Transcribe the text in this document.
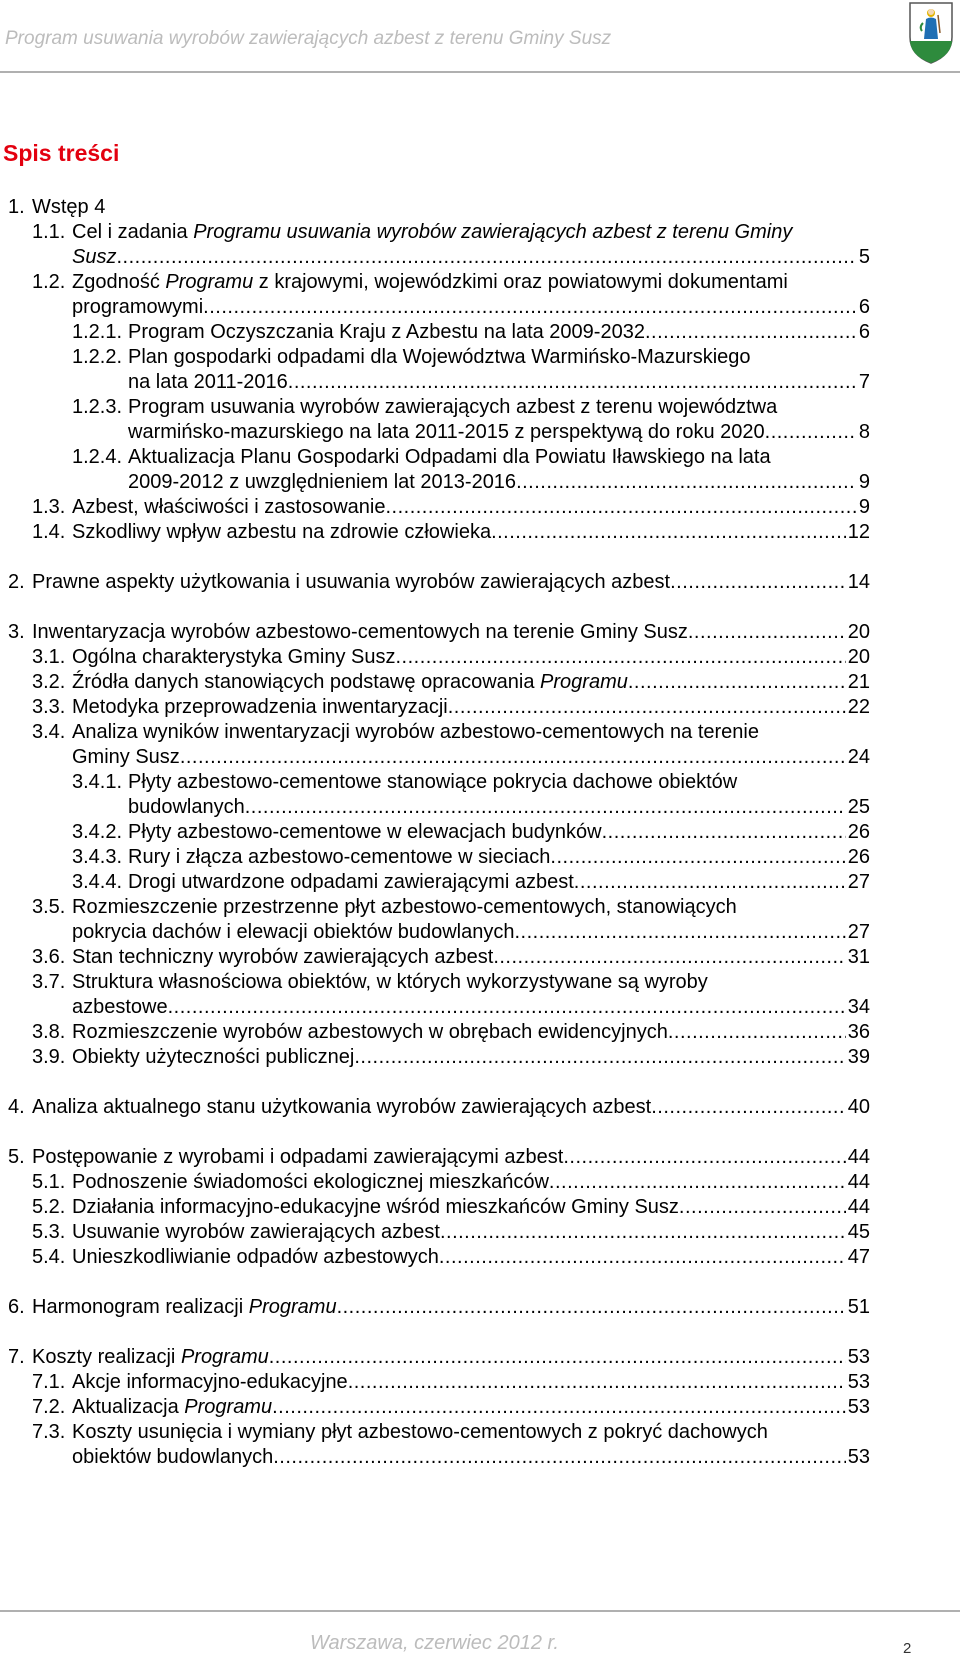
Program usuwania wyrobów zawierających azbest z terenu Gminy Susz
Spis treści
1. Wstęp 4
1.1. Cel i zadania Programu usuwania wyrobów zawierających azbest z terenu Gminy
Susz .....	5
1.2. Zgodność Programu z krajowymi, wojewódzkimi oraz powiatowymi dokumentami
programowymi .....	6
1.2.1. Program Oczyszczania Kraju z Azbestu na lata 2009-2032 .....	6
1.2.2. Plan gospodarki odpadami dla Województwa Warmińsko-Mazurskiego
na lata 2011-2016 .....	7
1.2.3. Program usuwania wyrobów zawierających azbest z terenu województwa
warmińsko-mazurskiego na lata 2011-2015 z perspektywą do roku 2020 .....	8
1.2.4. Aktualizacja Planu Gospodarki Odpadami dla Powiatu Iławskiego na lata
2009-2012 z uwzględnieniem lat 2013-2016 .....	9
1.3. Azbest, właściwości i zastosowanie .....	9
1.4. Szkodliwy wpływ azbestu na zdrowie człowieka .....	12
2. Prawne aspekty użytkowania i usuwania wyrobów zawierających azbest .....	14
3. Inwentaryzacja wyrobów azbestowo-cementowych na terenie Gminy Susz .....	20
3.1. Ogólna charakterystyka Gminy Susz .....	20
3.2. Źródła danych stanowiących podstawę opracowania Programu .....	21
3.3. Metodyka przeprowadzenia inwentaryzacji .....	22
3.4. Analiza wyników inwentaryzacji wyrobów azbestowo-cementowych na terenie
Gminy Susz .....	24
3.4.1. Płyty azbestowo-cementowe stanowiące pokrycia dachowe obiektów
budowlanych .....	25
3.4.2. Płyty azbestowo-cementowe w elewacjach budynków .....	26
3.4.3. Rury i złącza azbestowo-cementowe w sieciach .....	26
3.4.4. Drogi utwardzone odpadami zawierającymi azbest .....	27
3.5. Rozmieszczenie przestrzenne płyt azbestowo-cementowych, stanowiących
pokrycia dachów i elewacji obiektów budowlanych .....	27
3.6. Stan techniczny wyrobów zawierających azbest .....	31
3.7. Struktura własnościowa obiektów, w których wykorzystywane są wyroby
azbestowe .....	34
3.8. Rozmieszczenie wyrobów azbestowych w obrębach ewidencyjnych .....	36
3.9. Obiekty użyteczności publicznej .....	39
4. Analiza aktualnego stanu użytkowania wyrobów zawierających azbest .....	40
5. Postępowanie z wyrobami i odpadami zawierającymi azbest .....	44
5.1. Podnoszenie świadomości ekologicznej mieszkańców .....	44
5.2. Działania informacyjno-edukacyjne wśród mieszkańców Gminy Susz .....	44
5.3. Usuwanie wyrobów zawierających azbest .....	45
5.4. Unieszkodliwianie odpadów azbestowych .....	47
6. Harmonogram realizacji Programu .....	51
7. Koszty realizacji Programu .....	53
7.1. Akcje informacyjno-edukacyjne .....	53
7.2. Aktualizacja Programu .....	53
7.3. Koszty usunięcia i wymiany płyt azbestowo-cementowych z pokryć dachowych
obiektów budowlanych .....	53
Warszawa, czerwiec 2012 r.	2
